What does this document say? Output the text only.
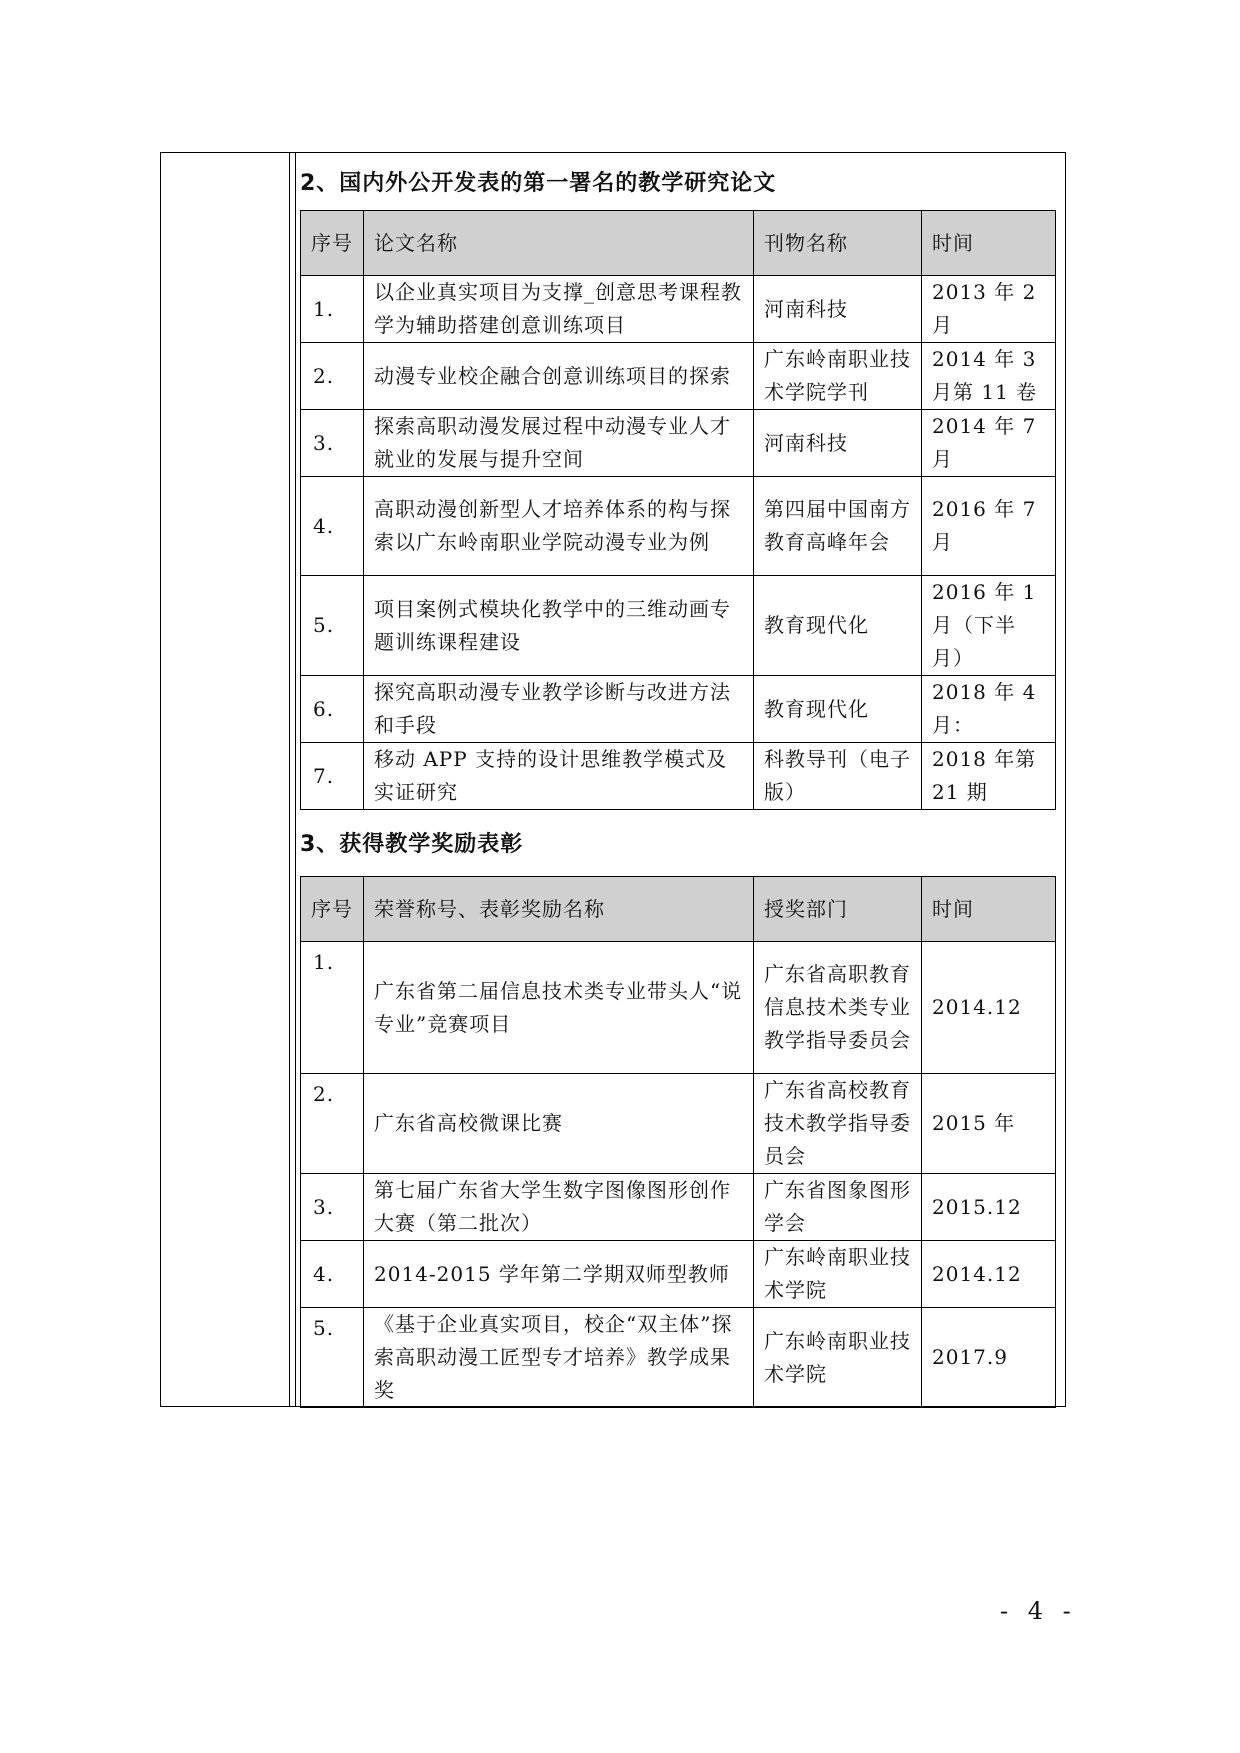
2、国内外公开发表的第一署名的教学研究论文
序号	论文名称	刊物名称	时间
1.	以企业真实项目为支撑_创意思考课程教学为辅助搭建创意训练项目	河南科技	2013 年 2 月
2.	动漫专业校企融合创意训练项目的探索	广东岭南职业技术学院学刊	2014 年 3 月第 11 卷
3.	探索高职动漫发展过程中动漫专业人才就业的发展与提升空间	河南科技	2014 年 7 月
4.	高职动漫创新型人才培养体系的构与探索以广东岭南职业学院动漫专业为例	第四届中国南方教育高峰年会	2016 年 7 月
5.	项目案例式模块化教学中的三维动画专题训练课程建设	教育现代化	2016 年 1 月（下半月）
6.	探究高职动漫专业教学诊断与改进方法和手段	教育现代化	2018 年 4 月：
7.	移动 APP 支持的设计思维教学模式及实证研究	科教导刊（电子版）	2018 年第 21 期
3、获得教学奖励表彰
序号	荣誉称号、表彰奖励名称	授奖部门	时间
1.	广东省第二届信息技术类专业带头人“说专业”竞赛项目	广东省高职教育信息技术类专业教学指导委员会	2014.12
2.	广东省高校微课比赛	广东省高校教育技术教学指导委员会	2015 年
3.	第七届广东省大学生数字图像图形创作大赛（第二批次）	广东省图象图形学会	2015.12
4.	2014-2015 学年第二学期双师型教师	广东岭南职业技术学院	2014.12
5.	《基于企业真实项目，校企“双主体”探索高职动漫工匠型专才培养》教学成果奖	广东岭南职业技术学院	2017.9
- 4 -
